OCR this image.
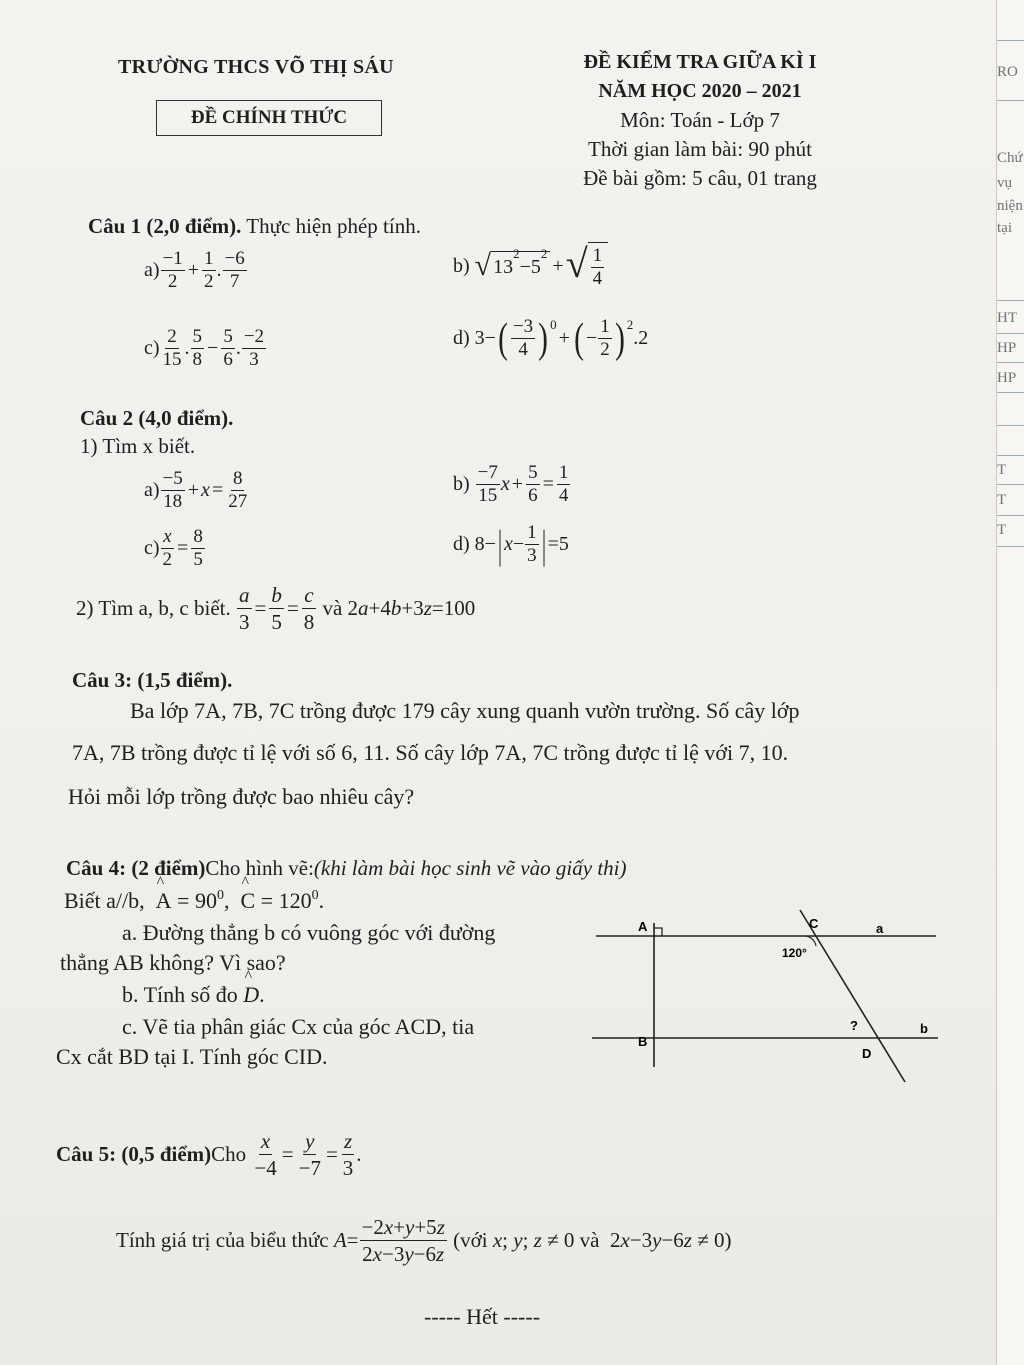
TRƯỜNG THCS VÕ THỊ SÁU
ĐỀ CHÍNH THỨC
ĐỀ KIỂM TRA GIỮA KÌ I
NĂM HỌC 2020 – 2021
Môn: Toán - Lớp 7
Thời gian làm bài: 90 phút
Đề bài gồm: 5 câu, 01 trang
Câu 1 (2,0 điểm). Thực hiện phép tính.
$a) \frac{-1}{2} + \frac{1}{2}$ . $\frac{-6}{7}$	b)
√ 13
2
−5
2
+ √ $\frac{1}{4}$
$c) \frac{2}{15}$ . $\frac{5}{8} - \frac{5}{6}$ . $\frac{-2}{3}$	d) 3− ( $\frac{-3}{4}$ ) 0
+ ( − $\frac{1}{2}$ ) 2
.2
Câu 2 (4,0 điểm).
1) Tìm x biết.
$a) \frac{-5}{18} + x = \frac{8}{27}$	b)
$\frac{-7}{15}$ $x + \frac{5}{6} = \frac{1}{4}$
$c) \frac{x}{2} = \frac{8}{5}$	d) 8− | $x - \frac{1}{3}$ | =5
2) Tìm a, b, c biết.
$\frac{a}{3} = \frac{b}{5} = \frac{c}{8}$
và
2a+4b+3z=100
Câu 3: (1,5 điểm).
Ba lớp 7A, 7B, 7C trồng được 179 cây xung quanh vườn trường. Số cây lớp
7A, 7B trồng được tỉ lệ với số 6, 11. Số cây lớp 7A, 7C trồng được tỉ lệ với 7, 10.
Hỏi mỗi lớp trồng được bao nhiêu cây?
Câu 4: (2 điểm)Cho hình vẽ:(khi làm bài học sinh vẽ vào giấy thi)
Biết a//b, ^ $A = 90^0$,  ^ $C = 120^0$.
a. Đường thẳng b có vuông góc với đường
thẳng AB không? Vì sao?
b. Tính số đo ^ D.
c. Vẽ tia phân giác Cx của góc ACD, tia
Cx cắt BD tại I. Tính góc CID.
A
B
C
D
a
b
120°
?
Câu 5: (0,5 điểm) Cho
$\frac{x}{-4} = \frac{y}{-7} = \frac{z}{3}$ .
Tính giá trị của biểu thức
$A = \frac{-2x+y+5z}{2x-3y-6z}$
(với
x ; y ; z ≠ 0 và 2 x −3 y −6 z ≠ 0 )
----- Hết -----
RO
Chứ
vụ
niện
tại
HT
HP
HP
T
T
T
